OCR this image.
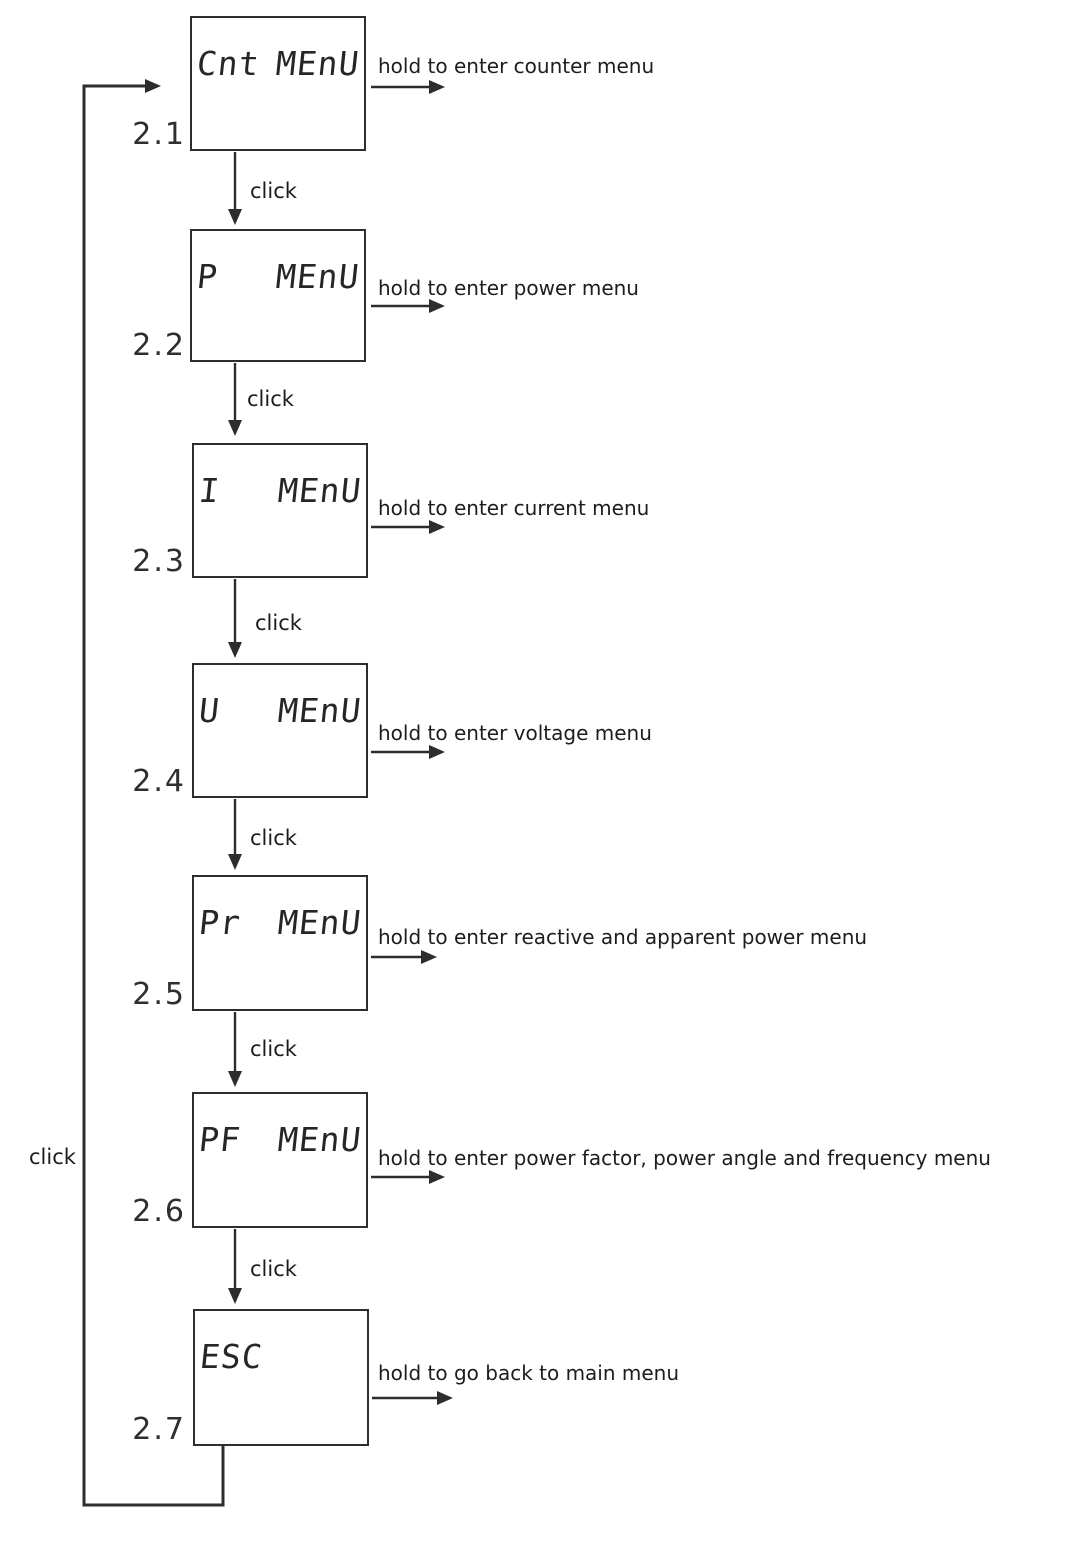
Cnt MEnU
2.1
hold to enter counter menu
click
P MEnU
2.2
hold to enter power menu
click
I MEnU
2.3
hold to enter current menu
click
U MEnU
2.4
hold to enter voltage menu
click
Pr MEnU
2.5
hold to enter reactive and apparent power menu
click
PF MEnU
2.6
hold to enter power factor, power angle and frequency menu
click
ESC
2.7
hold to go back to main menu
click
